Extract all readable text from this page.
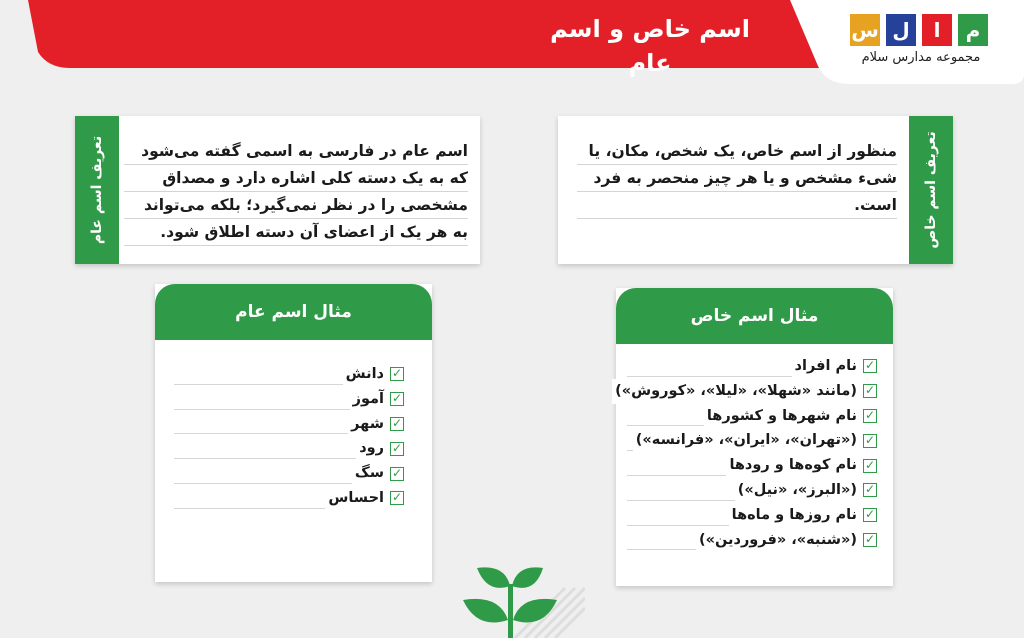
اسم خاص و اسم عام
س ل	ا	م
مجموعه مدارس سلام
تعریف اسم خاص
منظور از اسم خاص، یک شخص، مکان، یا شیء مشخص و یا هر چیز منحصر به فرد است.
تعریف اسم عام	اسم عام در فارسی به اسمی گفته می‌شود که به یک دسته کلی اشاره دارد و مصداق مشخصی را در نظر نمی‌گیرد؛ بلکه می‌تواند به هر یک از اعضای آن دسته اطلاق شود.
مثال اسم خاص
✓
نام افراد
✓
(مانند «شهلا»، «لیلا»، «کوروش»)
✓
نام شهرها و کشورها
✓
(«تهران»، «ایران»، «فرانسه»)
✓
نام کوه‌ها و رودها
✓
(«البرز»، «نیل»)
✓
نام روزها و ماه‌ها
✓
(«شنبه»، «فروردین»)
مثال اسم عام
✓
دانش
✓
آموز
✓
شهر
✓
رود
✓
سگ
✓
احساس
